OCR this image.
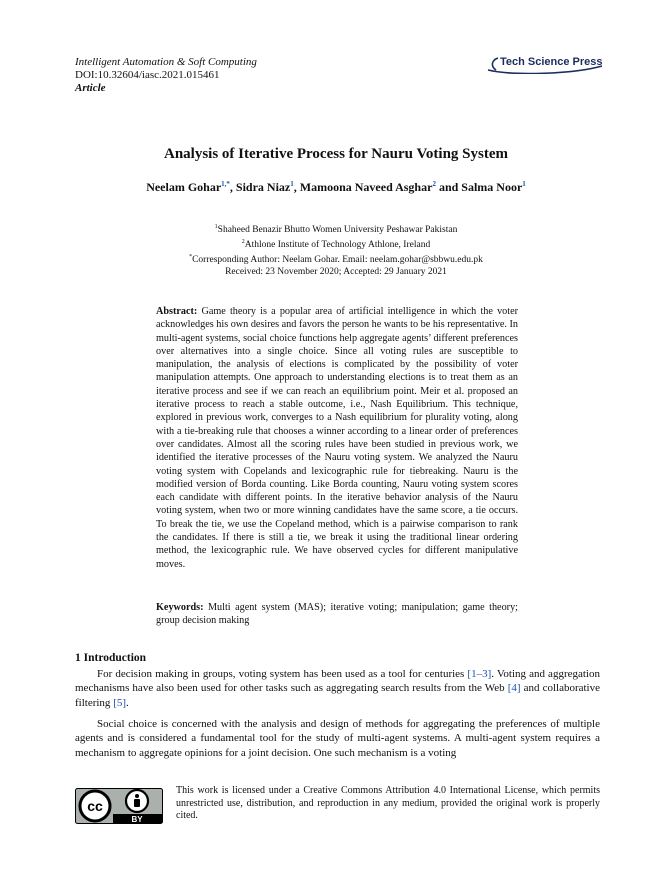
Intelligent Automation & Soft Computing
DOI:10.32604/iasc.2021.015461
Article
Tech Science Press
Analysis of Iterative Process for Nauru Voting System
Neelam Gohar$^{1,*}$, Sidra Niaz$^1$, Mamoona Naveed Asghar$^2$ and Salma Noor$^1$
$^1$Shaheed Benazir Bhutto Women University Peshawar Pakistan
$^2$Athlone Institute of Technology Athlone, Ireland
*Corresponding Author: Neelam Gohar. Email: neelam.gohar@sbbwu.edu.pk
Received: 23 November 2020; Accepted: 29 January 2021
Abstract: Game theory is a popular area of artificial intelligence in which the voter acknowledges his own desires and favors the person he wants to be his representative. In multi-agent systems, social choice functions help aggregate agents’ different preferences over alternatives into a single choice. Since all voting rules are susceptible to manipulation, the analysis of elections is complicated by the possibility of voter manipulation attempts. One approach to understanding elections is to treat them as an iterative process and see if we can reach an equilibrium point. Meir et al. proposed an iterative process to reach a stable outcome, i.e., Nash Equilibrium. This technique, explored in previous work, converges to a Nash equilibrium for plurality voting, along with a tie-breaking rule that chooses a winner according to a linear order of preferences over candidates. Almost all the scoring rules have been studied in previous work, we identified the iterative processes of the Nauru voting system. We analyzed the Nauru voting system with Copelands and lexicographic rule for tiebreaking. Nauru is the modified version of Borda counting. Like Borda counting, Nauru voting system scores each candidate with different points. In the iterative behavior analysis of the Nauru voting system, when two or more winning candidates have the same score, a tie occurs. To break the tie, we use the Copeland method, which is a pairwise comparison to rank the candidates. If there is still a tie, we break it using the traditional linear ordering method, the lexicographic rule. We have observed cycles for different manipulative moves.
Keywords: Multi agent system (MAS); iterative voting; manipulation; game theory; group decision making
1 Introduction

For decision making in groups, voting system has been used as a tool for centuries [1–3]. Voting and aggregation mechanisms have also been used for other tasks such as aggregating search results from the Web [4] and collaborative filtering [5].

Social choice is concerned with the analysis and design of methods for aggregating the preferences of multiple agents and is considered a fundamental tool for the study of multi-agent systems. A multi-agent system requires a mechanism to aggregate opinions for a joint decision. One such mechanism is a voting

cc
BY
This work is licensed under a Creative Commons Attribution 4.0 International License, which permits unrestricted use, distribution, and reproduction in any medium, provided the original work is properly cited.
